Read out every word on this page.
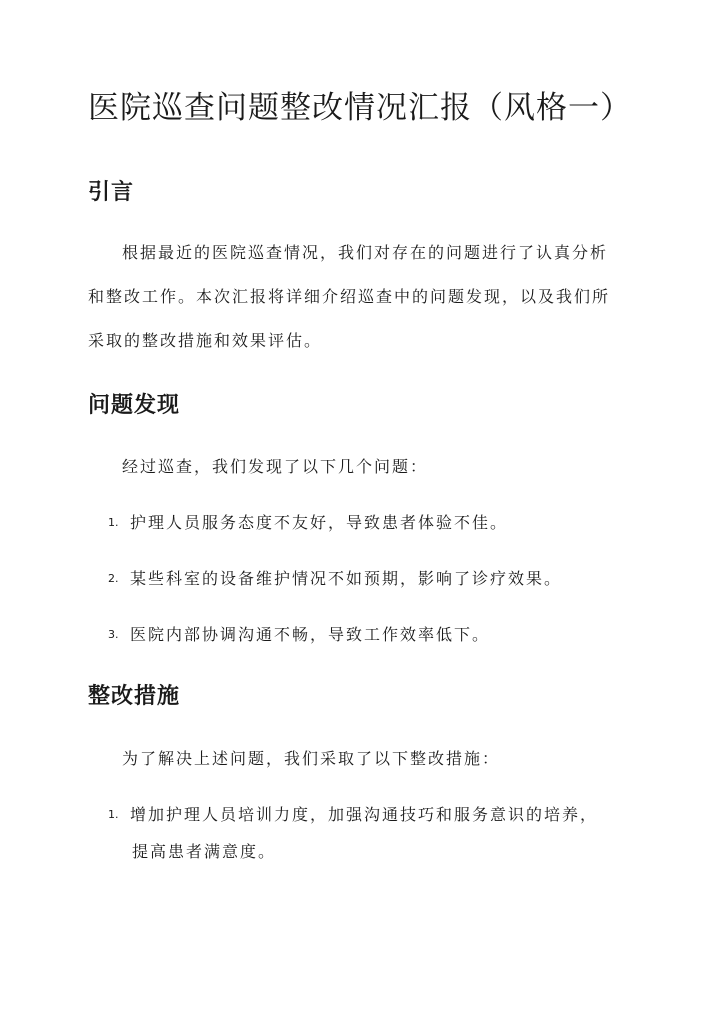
医院巡查问题整改情况汇报（风格一）
引言

根据最近的医院巡查情况，我们对存在的问题进行了认真分析
和整改工作。本次汇报将详细介绍巡查中的问题发现，以及我们所
采取的整改措施和效果评估。

问题发现

经过巡查，我们发现了以下几个问题：

1. 护理人员服务态度不友好，导致患者体验不佳。
2. 某些科室的设备维护情况不如预期，影响了诊疗效果。
3. 医院内部协调沟通不畅，导致工作效率低下。
整改措施

为了解决上述问题，我们采取了以下整改措施：

1. 增加护理人员培训力度，加强沟通技巧和服务意识的培养，
提高患者满意度。
